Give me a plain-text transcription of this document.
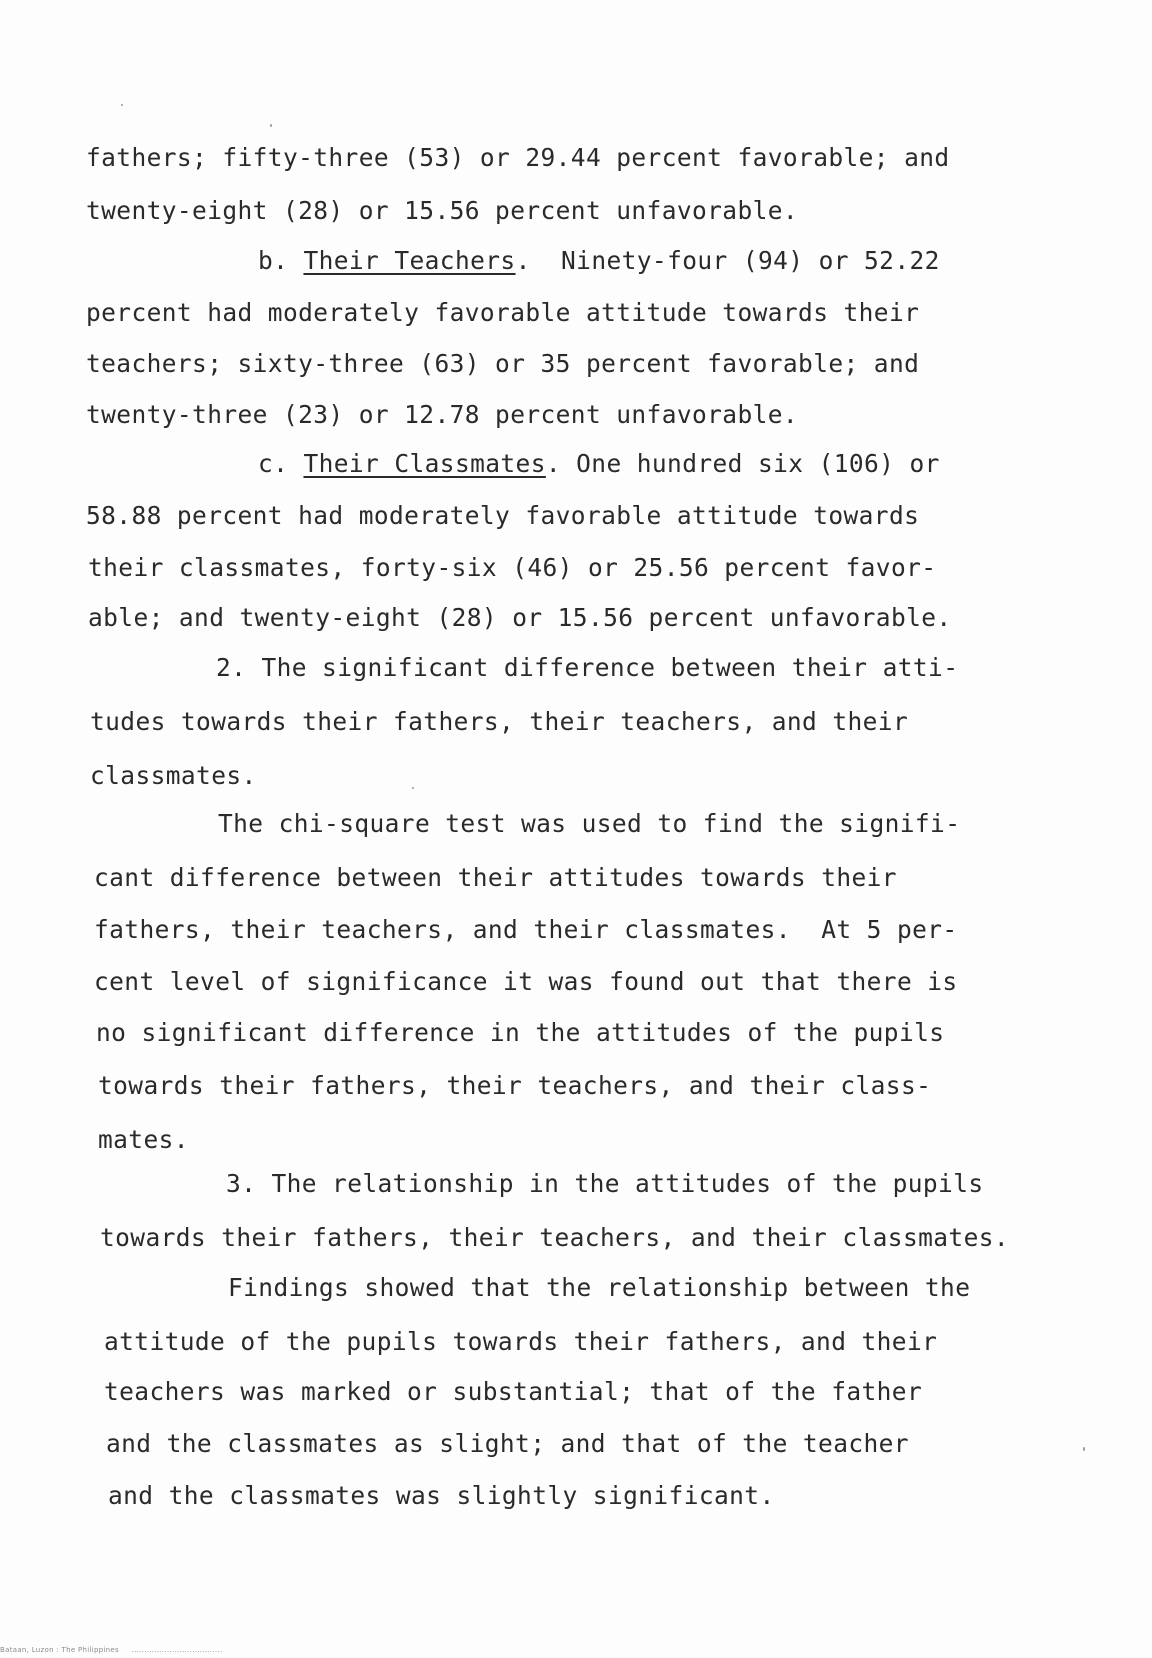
fathers; fifty-three (53) or 29.44 percent favorable; and
twenty-eight (28) or 15.56 percent unfavorable.
b. Their Teachers.  Ninety-four (94) or 52.22
percent had moderately favorable attitude towards their
teachers; sixty-three (63) or 35 percent favorable; and
twenty-three (23) or 12.78 percent unfavorable.
c. Their Classmates. One hundred six (106) or
58.88 percent had moderately favorable attitude towards
their classmates, forty-six (46) or 25.56 percent favor-
able; and twenty-eight (28) or 15.56 percent unfavorable.
2. The significant difference between their atti-
tudes towards their fathers, their teachers, and their
classmates.
The chi-square test was used to find the signifi-
cant difference between their attitudes towards their
fathers, their teachers, and their classmates.  At 5 per-
cent level of significance it was found out that there is
no significant difference in the attitudes of the pupils
towards their fathers, their teachers, and their class-
mates.
3. The relationship in the attitudes of the pupils
towards their fathers, their teachers, and their classmates.
Findings showed that the relationship between the
attitude of the pupils towards their fathers, and their
teachers was marked or substantial; that of the father
and the classmates as slight; and that of the teacher
and the classmates was slightly significant.
Bataan, Luzon : The Philippines     ....................................
